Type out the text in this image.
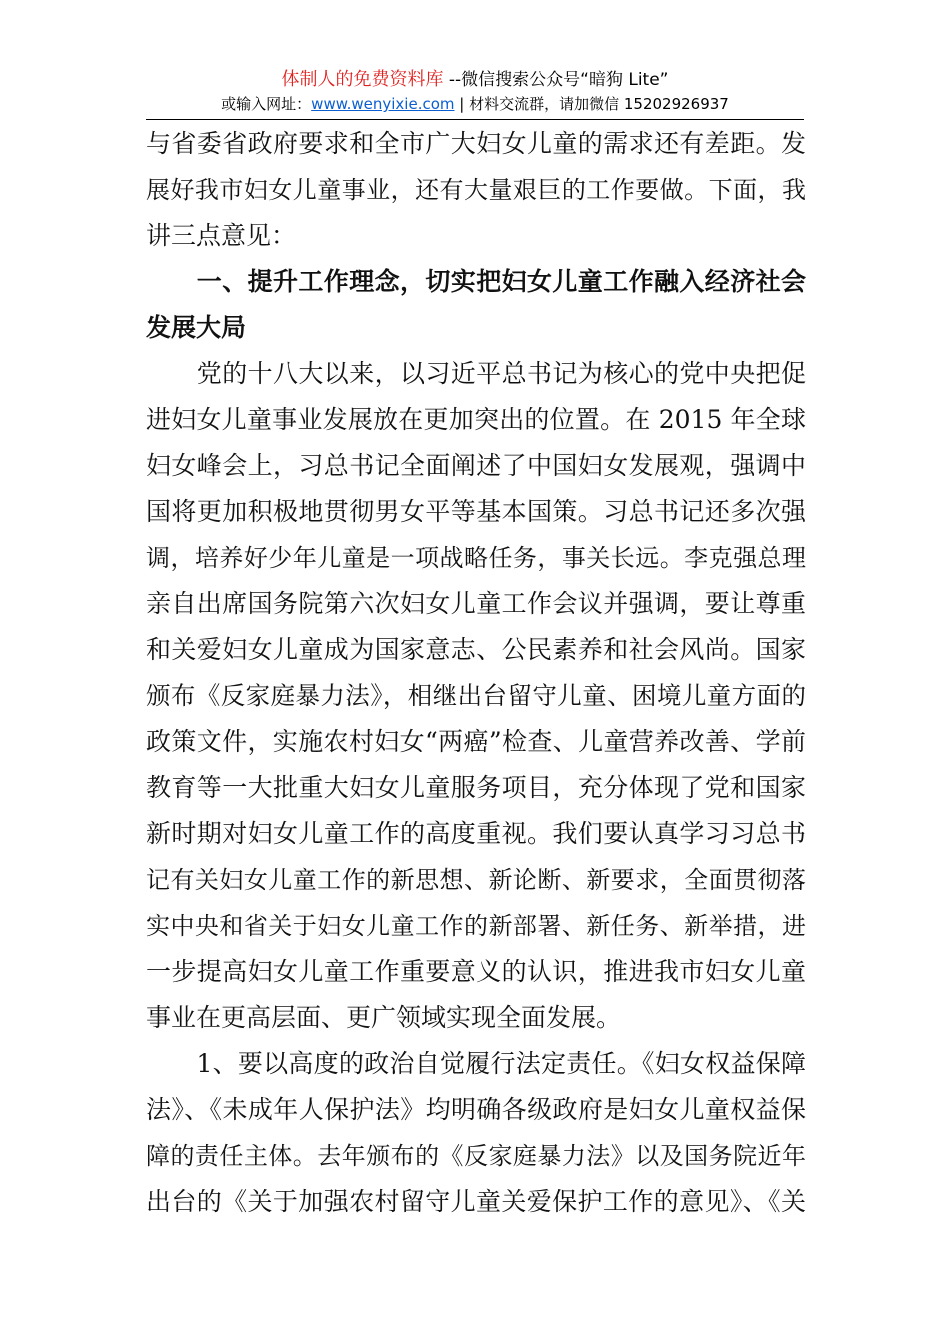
体制人的免费资料库 --微信搜索公众号“暗狗 Lite”
或输入网址：www.wenyixie.com | 材料交流群，请加微信 15202926937
与省委省政府要求和全市广大妇女儿童的需求还有差距。发
展好我市妇女儿童事业，还有大量艰巨的工作要做。下面，我
讲三点意见：
　　一、提升工作理念，切实把妇女儿童工作融入经济社会
发展大局
　　党的十八大以来，以习近平总书记为核心的党中央把促
进妇女儿童事业发展放在更加突出的位置。在 2015 年全球
妇女峰会上，习总书记全面阐述了中国妇女发展观，强调中
国将更加积极地贯彻男女平等基本国策。习总书记还多次强
调，培养好少年儿童是一项战略任务，事关长远。李克强总理
亲自出席国务院第六次妇女儿童工作会议并强调，要让尊重
和关爱妇女儿童成为国家意志、公民素养和社会风尚。国家
颁布《反家庭暴力法》，相继出台留守儿童、困境儿童方面的
政策文件，实施农村妇女“两癌”检查、儿童营养改善、学前
教育等一大批重大妇女儿童服务项目，充分体现了党和国家
新时期对妇女儿童工作的高度重视。我们要认真学习习总书
记有关妇女儿童工作的新思想、新论断、新要求，全面贯彻落
实中央和省关于妇女儿童工作的新部署、新任务、新举措，进
一步提高妇女儿童工作重要意义的认识，推进我市妇女儿童
事业在更高层面、更广领域实现全面发展。
　　1、要以高度的政治自觉履行法定责任。《妇女权益保障
法》、《未成年人保护法》均明确各级政府是妇女儿童权益保
障的责任主体。去年颁布的《反家庭暴力法》以及国务院近年
出台的《关于加强农村留守儿童关爱保护工作的意见》、《关
